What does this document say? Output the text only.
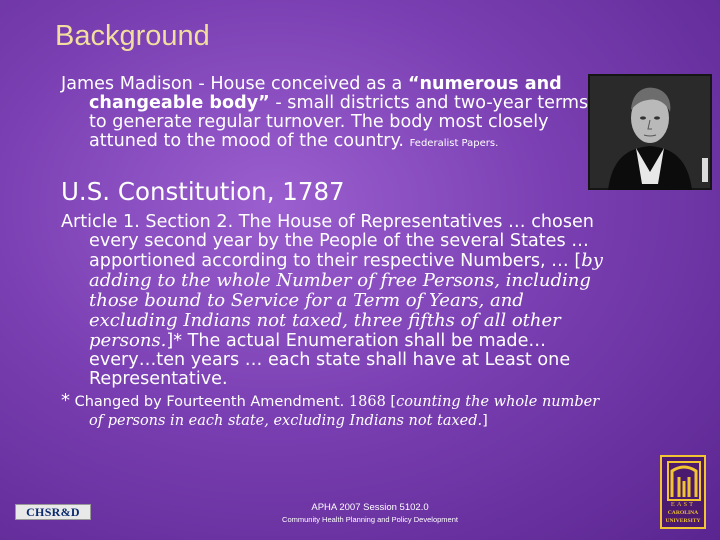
Background
James Madison - House conceived as a “numerous and changeable body” - small districts and two-year terms to generate regular turnover. The body most closely attuned to the mood of the country. Federalist Papers.
U.S. Constitution, 1787
Article 1. Section 2. The House of Representatives … chosen every second year by the People of the several States … apportioned according to their respective Numbers, … [by adding to the whole Number of free Persons, including those bound to Service for a Term of Years, and excluding Indians not taxed, three fifths of all other persons.]* The actual Enumeration shall be made…every…ten years … each state shall have at Least one Representative.
* Changed by Fourteenth Amendment. 1868 [counting the whole number of persons in each state, excluding Indians not taxed.]
CHSR&D	APHA 2007 Session 5102.0
Community Health Planning and Policy Development
EAST
CAROLINA
UNIVERSITY
